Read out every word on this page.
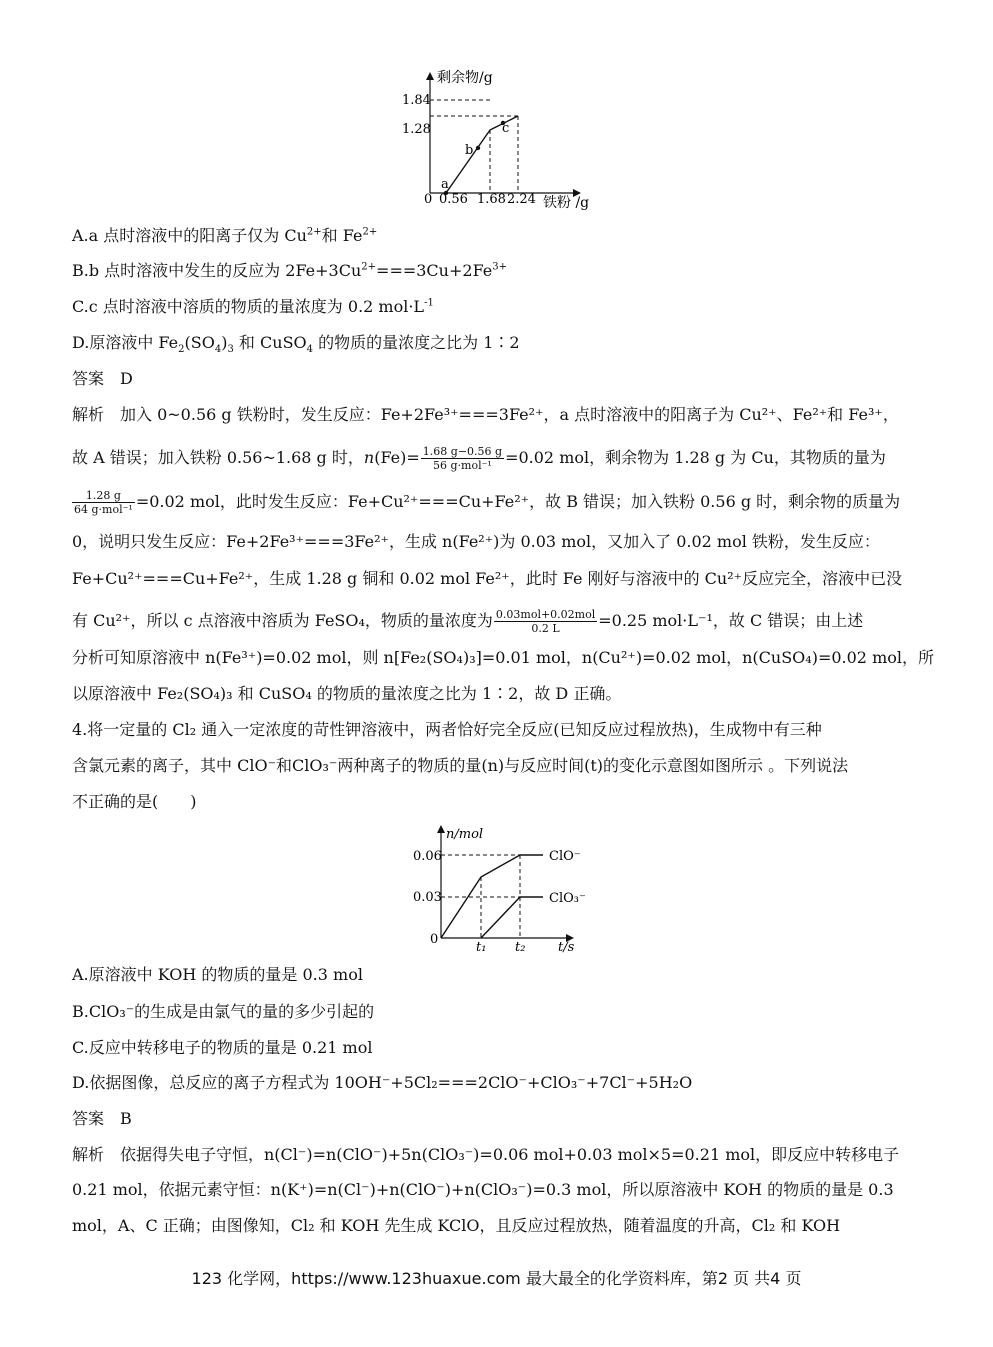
剩余物/g
1.84
1.28
0 0.56 1.68 2.24 铁粉 /g
a
b
c
A.a 点时溶液中的阳离子仅为 $Cu^{2+}$和 $Fe^{2+}$
B.b 点时溶液中发生的反应为 $2Fe+3Cu^{2+}===3Cu+2Fe^{3+}$
C.c 点时溶液中溶质的物质的量浓度为 0.2 $mol\cdot L^{-1}$
D.原溶液中 $Fe_2(SO_4)_3$ 和 CuSO$_4$ 的物质的量浓度之比为 1∶2
答案　D
解析　加入 0~0.56 g 铁粉时，发生反应：Fe+2Fe³⁺===3Fe²⁺，a 点时溶液中的阳离子为 Cu²⁺、Fe²⁺和 Fe³⁺，
故 A 错误；加入铁粉 0.56~1.68 g 时，$n(Fe)= \frac{1.68 g-0.56 g}{\text{56 g·mol⁻¹}} =0.02$ mol，剩余物为 1.28 g 为 Cu，其物质的量为
$\frac{1.28 g}{\text{64 g·mol⁻¹}} =0.02$ mol，此时发生反应：Fe+Cu²⁺===Cu+Fe²⁺，故 B 错误；加入铁粉 0.56 g 时，剩余物的质量为
0，说明只发生反应：Fe+2Fe³⁺===3Fe²⁺，生成 n(Fe²⁺)为 0.03 mol，又加入了 0.02 mol 铁粉，发生反应：
Fe+Cu²⁺===Cu+Fe²⁺，生成 1.28 g 铜和 0.02 mol Fe²⁺，此时 Fe 刚好与溶液中的 Cu²⁺反应完全，溶液中已没
有 Cu²⁺，所以 c 点溶液中溶质为 FeSO₄，物质的量浓度为 $\frac{\text{0.03mol+0.02mol}}{0.2 L} =0.25$ mol·L⁻¹，故 C 错误；由上述
分析可知原溶液中 n(Fe³⁺)=0.02 mol，则 n[Fe₂(SO₄)₃]=0.01 mol，n(Cu²⁺)=0.02 mol，n(CuSO₄)=0.02 mol，所
以原溶液中 Fe₂(SO₄)₃ 和 CuSO₄ 的物质的量浓度之比为 1∶2，故 D 正确。
4.将一定量的 Cl₂ 通入一定浓度的苛性钾溶液中，两者恰好完全反应(已知反应过程放热)，生成物中有三种
含氯元素的离子，其中 ClO⁻和ClO₃⁻两种离子的物质的量(n)与反应时间(t)的变化示意图如图所示 。下列说法
不正确的是(　　)
n/mol
0.06
0.03
0
t₁ t₂	t/s
ClO⁻
ClO₃⁻
A.原溶液中 KOH 的物质的量是 0.3 mol
B.ClO₃⁻的生成是由氯气的量的多少引起的
C.反应中转移电子的物质的量是 0.21 mol
D.依据图像，总反应的离子方程式为 10OH⁻+5Cl₂===2ClO⁻+ClO₃⁻+7Cl⁻+5H₂O
答案　B
解析　依据得失电子守恒，n(Cl⁻)=n(ClO⁻)+5n(ClO₃⁻)=0.06 mol+0.03 mol×5=0.21 mol，即反应中转移电子
0.21 mol，依据元素守恒：n(K⁺)=n(Cl⁻)+n(ClO⁻)+n(ClO₃⁻)=0.3 mol，所以原溶液中 KOH 的物质的量是 0.3
mol，A、C 正确；由图像知，Cl₂ 和 KOH 先生成 KClO，且反应过程放热，随着温度的升高，Cl₂ 和 KOH
123 化学网，https://www.123huaxue.com 最大最全的化学资料库，第2 页 共4 页
